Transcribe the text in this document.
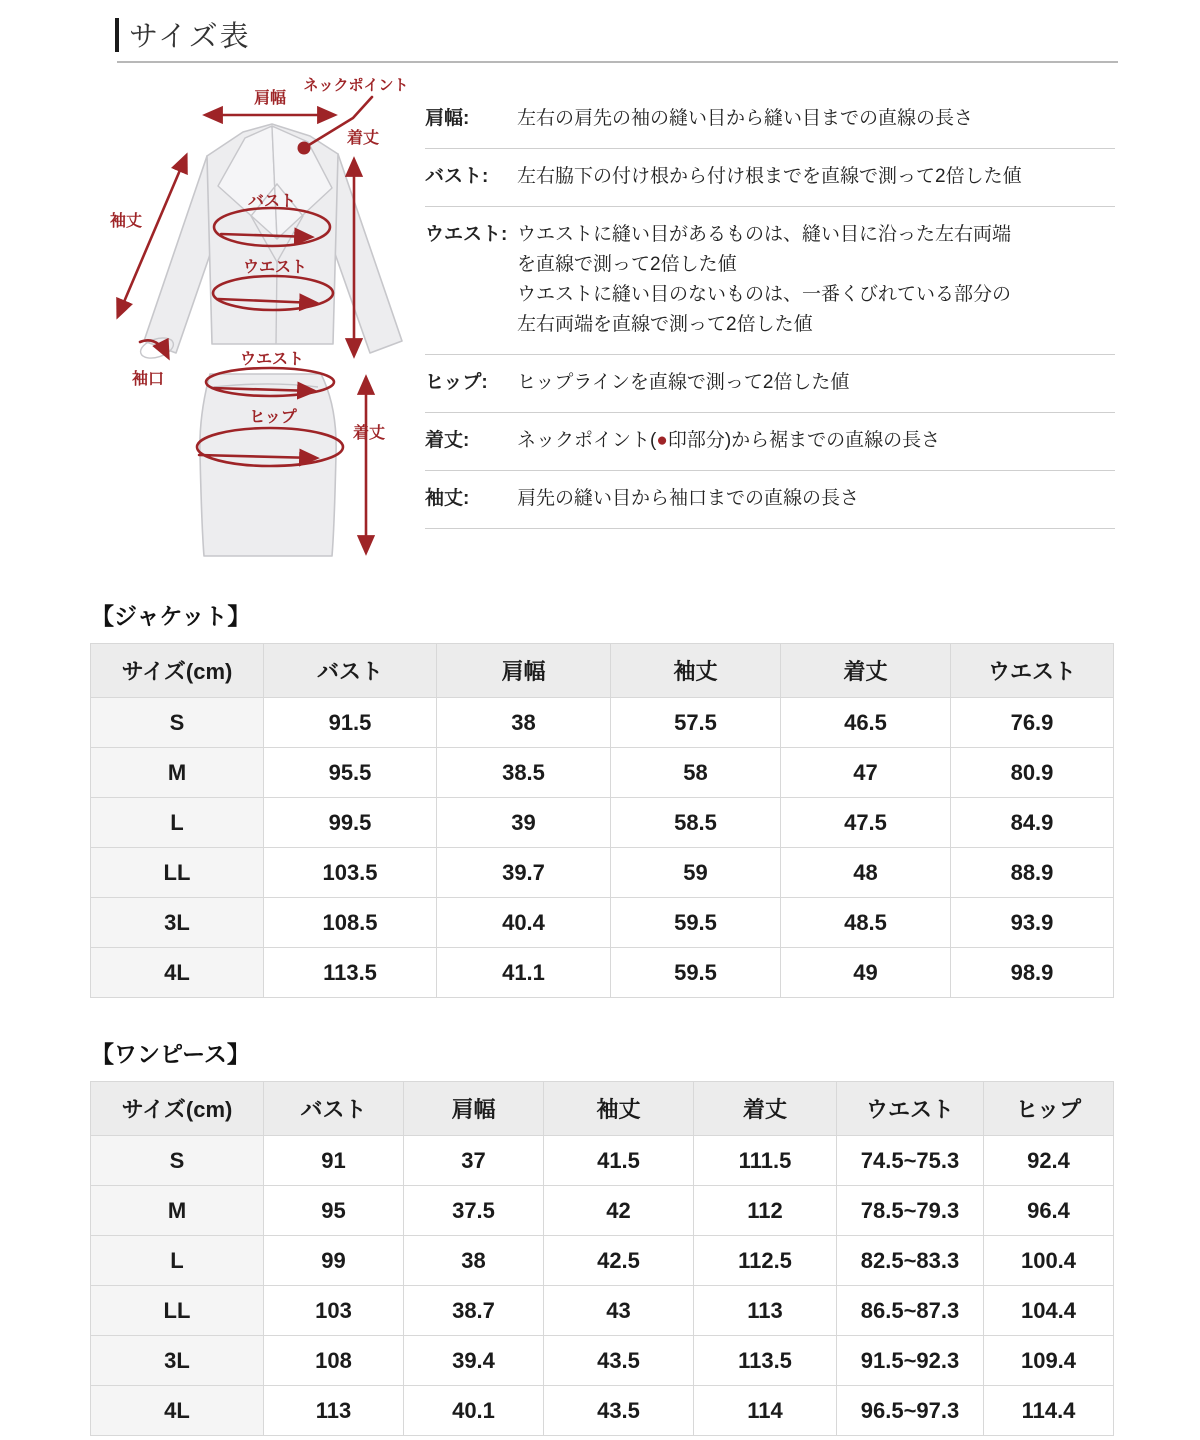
サイズ表
肩幅
ネックポイント
着丈
袖丈
バスト
ウエスト
袖口
ウエスト
ヒップ
着丈
肩幅:	左右の肩先の袖の縫い目から縫い目までの直線の長さ
バスト:	左右脇下の付け根から付け根までを直線で測って2倍した値
ウエスト: ウエストに縫い目があるものは、縫い目に沿った左右両端
を直線で測って2倍した値
ウエストに縫い目のないものは、一番くびれている部分の
左右両端を直線で測って2倍した値
ヒップ:	ヒップラインを直線で測って2倍した値
着丈:	ネックポイント(●印部分)から裾までの直線の長さ
袖丈:	肩先の縫い目から袖口までの直線の長さ
【ジャケット】
サイズ(cm)	バスト	肩幅	袖丈	着丈	ウエスト
S	91.5	38	57.5	46.5	76.9
M	95.5	38.5	58	47	80.9
L	99.5	39	58.5	47.5	84.9
LL	103.5	39.7	59	48	88.9
3L	108.5	40.4	59.5	48.5	93.9
4L	113.5	41.1	59.5	49	98.9
【ワンピース】
サイズ(cm)	バスト	肩幅	袖丈	着丈	ウエスト	ヒップ
S	91	37	41.5	111.5	74.5~75.3	92.4
M	95	37.5	42	112	78.5~79.3	96.4
L	99	38	42.5	112.5	82.5~83.3	100.4
LL	103	38.7	43	113	86.5~87.3	104.4
3L	108	39.4	43.5	113.5	91.5~92.3	109.4
4L	113	40.1	43.5	114	96.5~97.3	114.4
